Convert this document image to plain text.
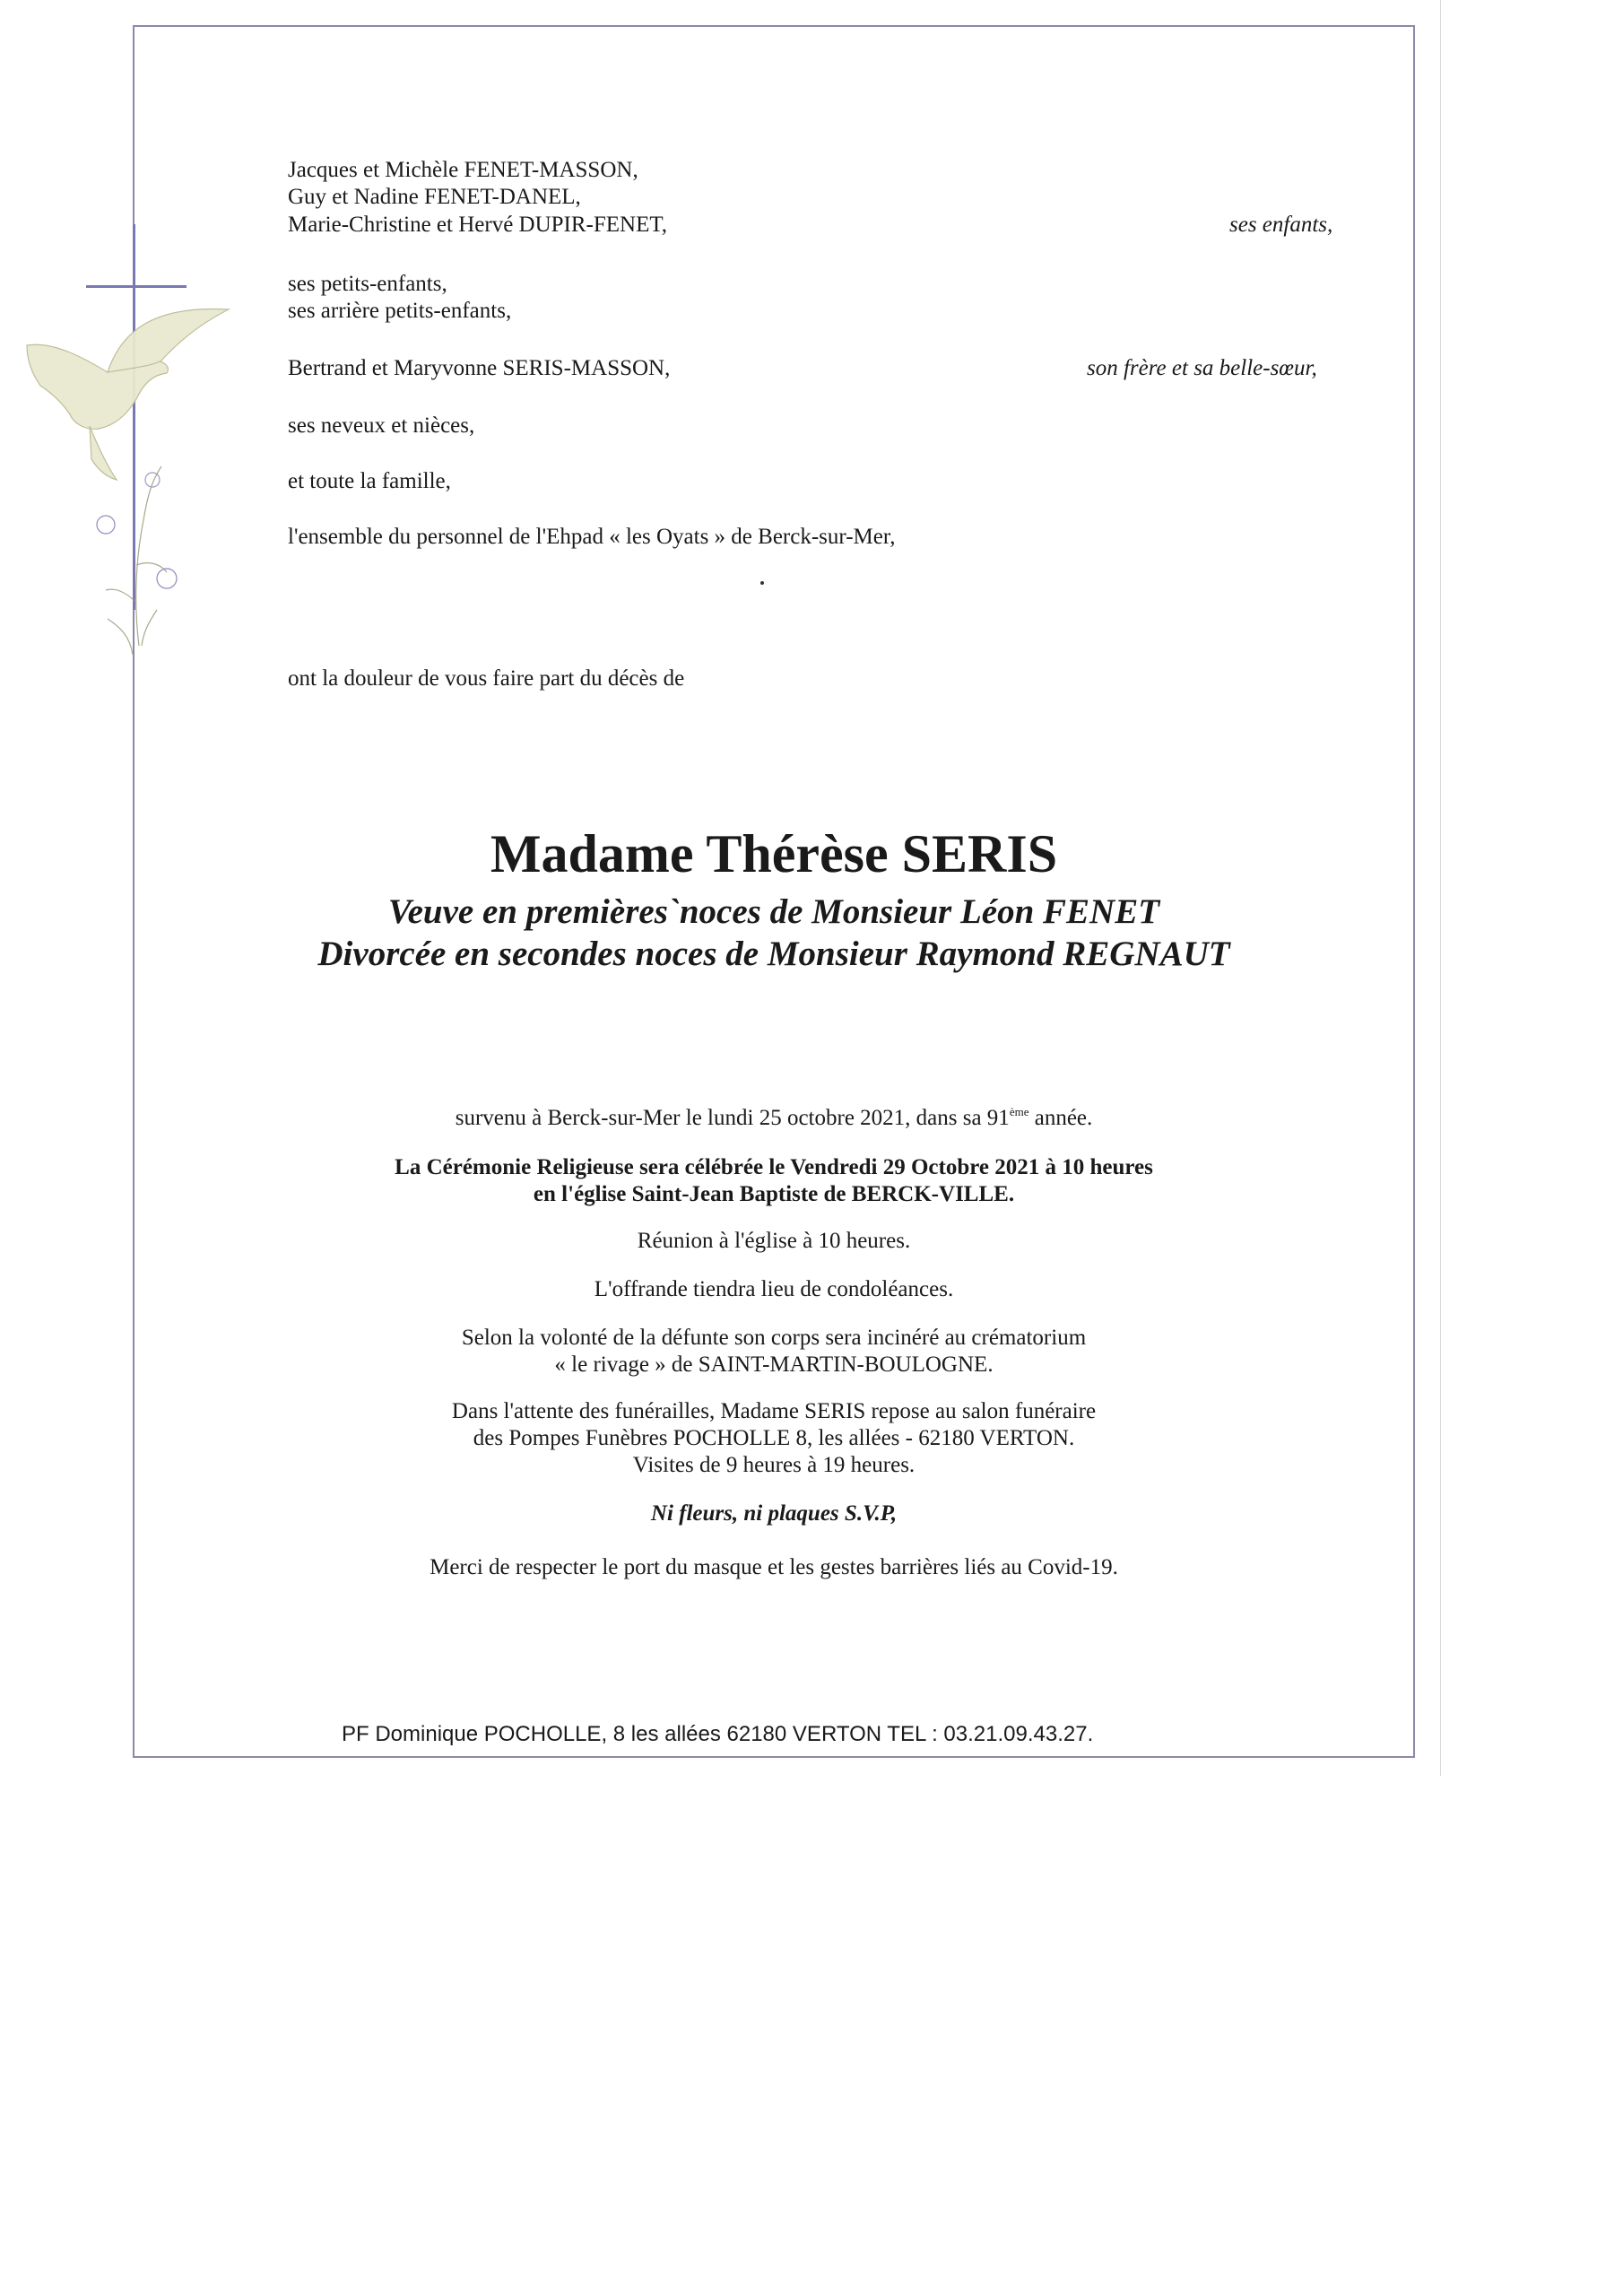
Jacques et Michèle FENET-MASSON,
Guy et Nadine FENET-DANEL,
Marie-Christine et Hervé DUPIR-FENET,	ses enfants,
ses petits-enfants,
ses arrière petits-enfants,
Bertrand et Maryvonne SERIS-MASSON,	son frère et sa belle-sœur,
ses neveux et nièces,
et toute la famille,
l'ensemble du personnel de l'Ehpad « les Oyats » de Berck-sur-Mer,
ont la douleur de vous faire part du décès de
Madame Thérèse SERIS
Veuve en premières`noces de Monsieur Léon FENET
Divorcée en secondes noces de Monsieur Raymond REGNAUT
survenu à Berck-sur-Mer le lundi 25 octobre 2021, dans sa 91ème année.
La Cérémonie Religieuse sera célébrée le Vendredi 29 Octobre 2021 à 10 heures
en l'église Saint-Jean Baptiste de BERCK-VILLE.
Réunion à l'église à 10 heures.
L'offrande tiendra lieu de condoléances.
Selon la volonté de la défunte son corps sera incinéré au crématorium
« le rivage » de SAINT-MARTIN-BOULOGNE.
Dans l'attente des funérailles, Madame SERIS repose au salon funéraire
des Pompes Funèbres POCHOLLE 8, les allées - 62180 VERTON.
Visites de 9 heures à 19 heures.
Ni fleurs, ni plaques S.V.P,
Merci de respecter le port du masque et les gestes barrières liés au Covid-19.
PF Dominique POCHOLLE, 8 les allées 62180 VERTON TEL : 03.21.09.43.27.
